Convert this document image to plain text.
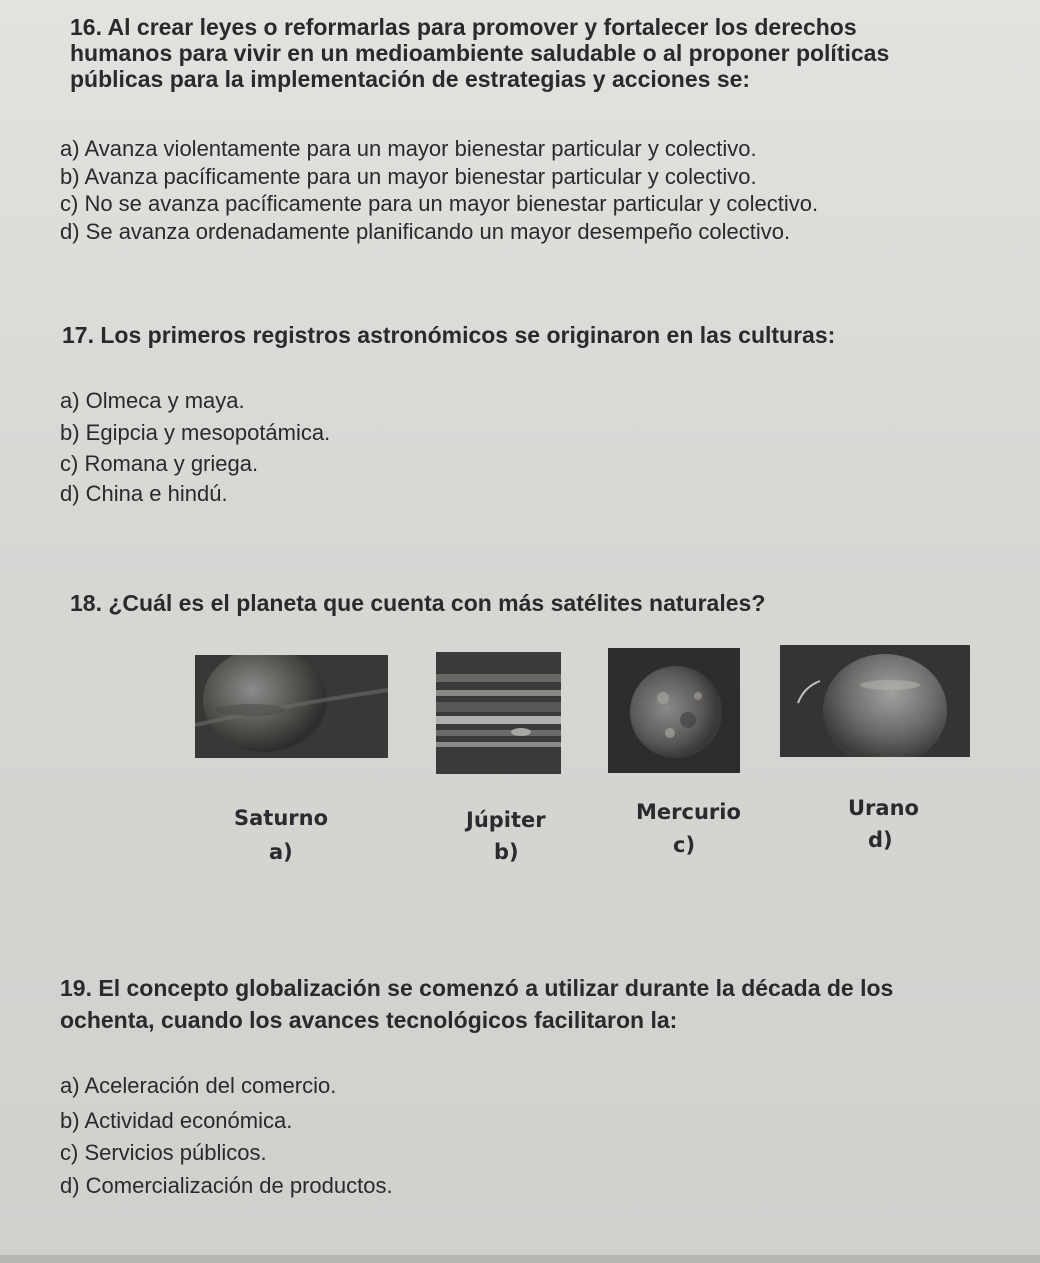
16. Al crear leyes o reformarlas para promover y fortalecer los derechos
humanos para vivir en un medioambiente saludable o al proponer políticas
públicas para la implementación de estrategias y acciones se:
a) Avanza violentamente para un mayor bienestar particular y colectivo.
b) Avanza pacíficamente para un mayor bienestar particular y colectivo.
c) No se avanza pacíficamente para un mayor bienestar particular y colectivo.
d) Se avanza ordenadamente planificando un mayor desempeño colectivo.
17. Los primeros registros astronómicos se originaron en las culturas:
a) Olmeca y maya.
b) Egipcia y mesopotámica.
c) Romana y griega.
d) China e hindú.
18. ¿Cuál es el planeta que cuenta con más satélites naturales?
Saturno	Júpiter	Mercurio	Urano
a)	b)	c)	d)
19. El concepto globalización se comenzó a utilizar durante la década de los
ochenta, cuando los avances tecnológicos facilitaron la:
a) Aceleración del comercio.
b) Actividad económica.
c) Servicios públicos.
d) Comercialización de productos.
